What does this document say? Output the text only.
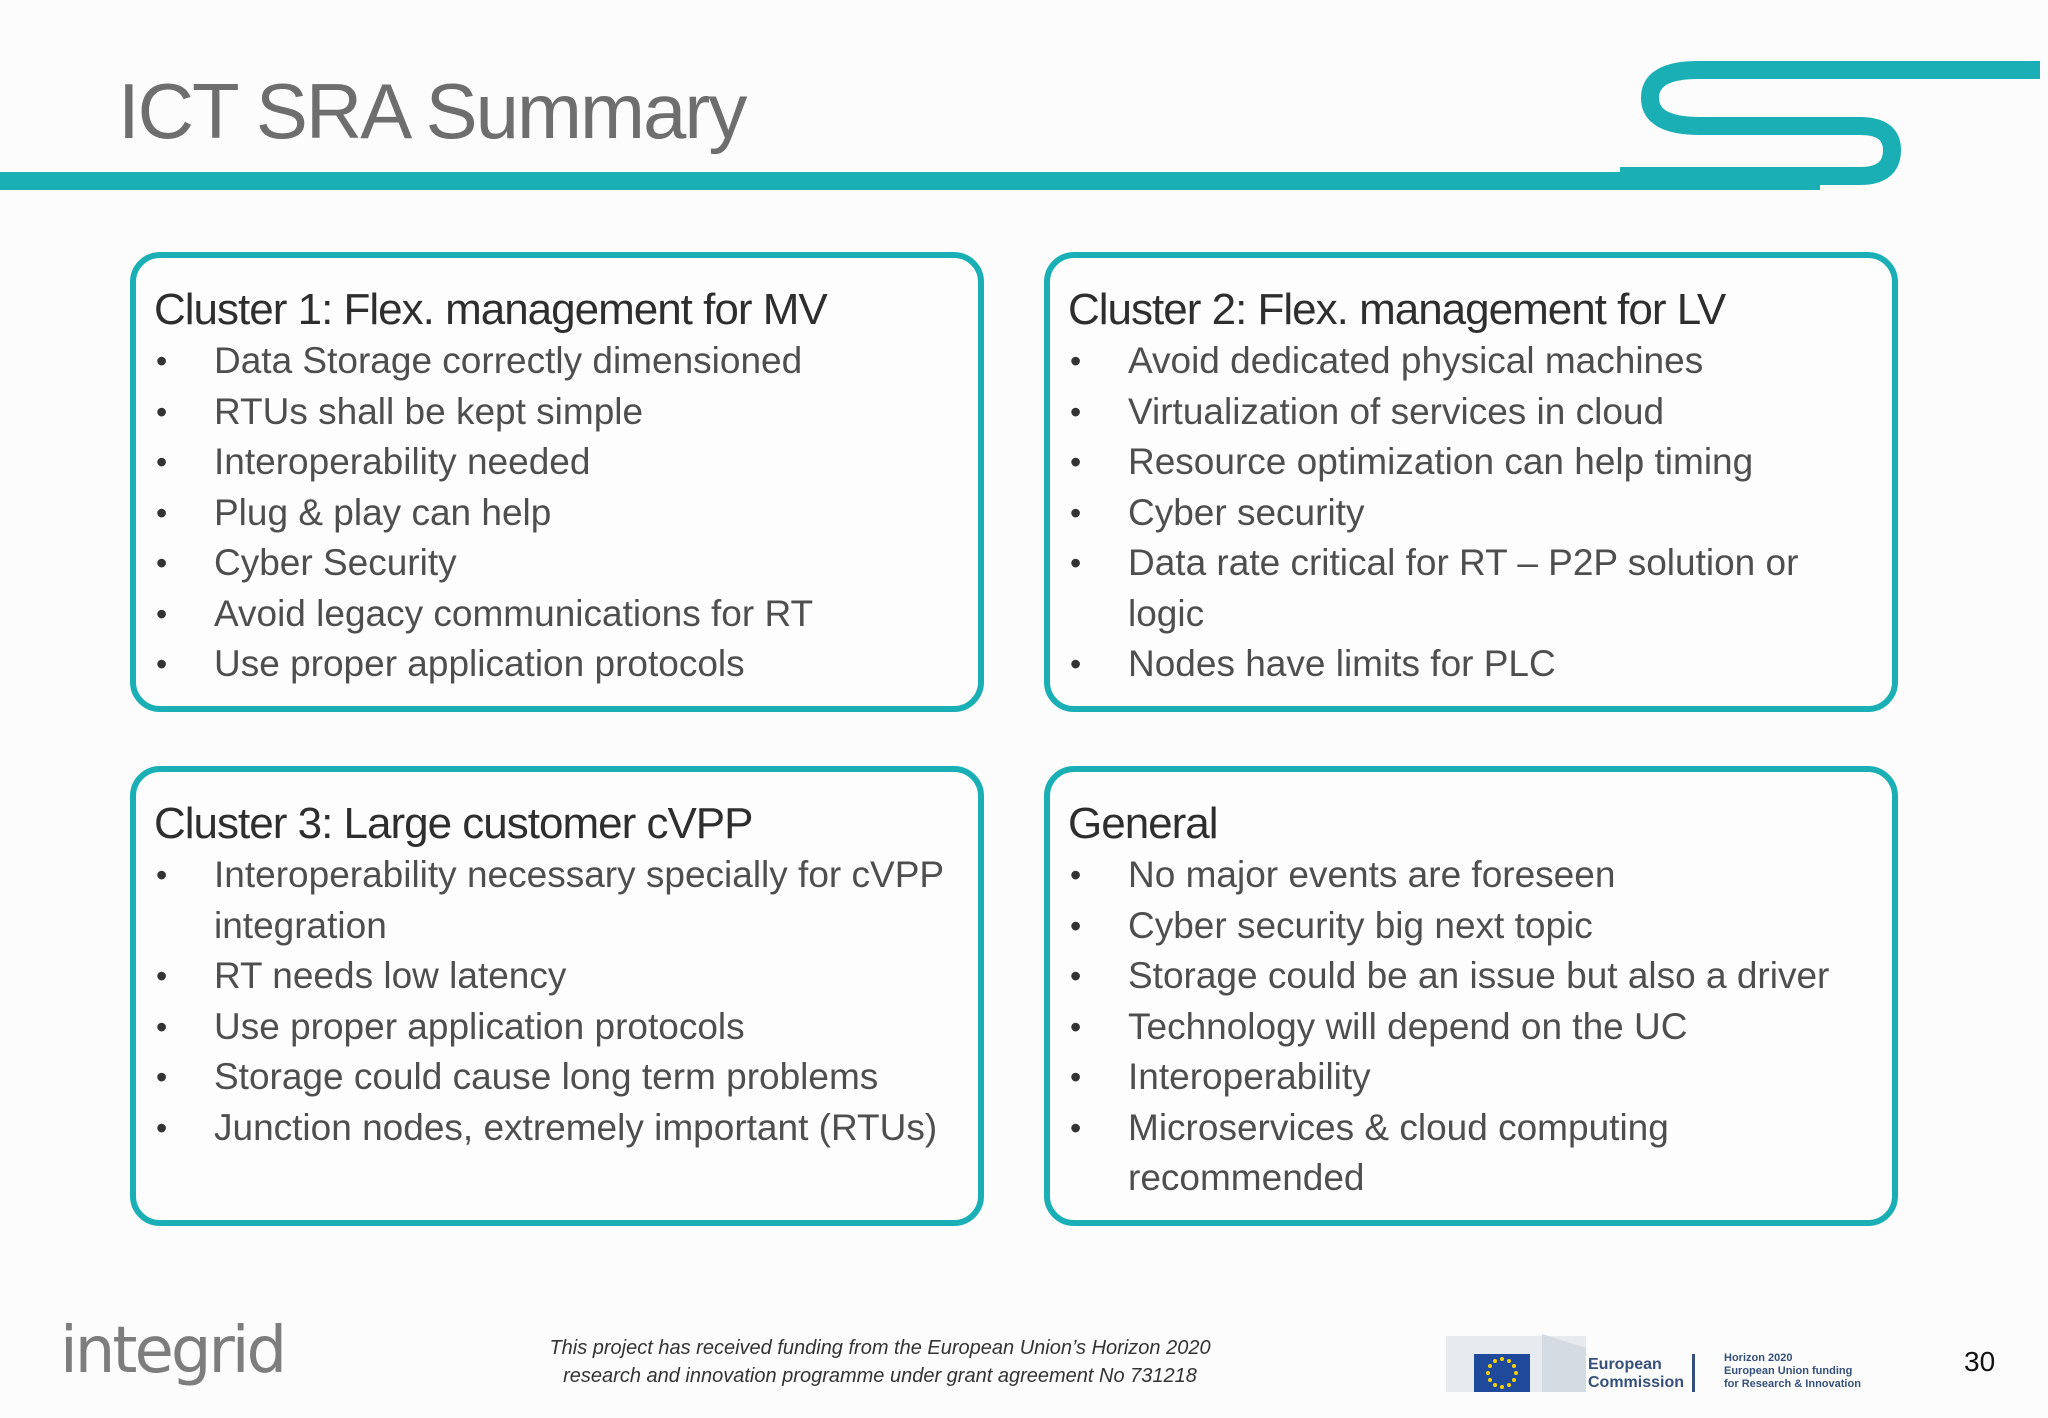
ICT SRA Summary
Cluster 1: Flex. management for MV
• Data Storage correctly dimensioned
• RTUs shall be kept simple
• Interoperability needed
• Plug & play can help
• Cyber Security
• Avoid legacy communications for RT
• Use proper application protocols
Cluster 2: Flex. management for LV
• Avoid dedicated physical machines
• Virtualization of services in cloud
• Resource optimization can help timing
• Cyber security
• Data rate critical for RT – P2P solution or logic
• Nodes have limits for PLC
Cluster 3: Large customer cVPP
• Interoperability necessary specially for cVPP integration
• RT needs low latency
• Use proper application protocols
• Storage could cause long term problems
• Junction nodes, extremely important (RTUs)
General
• No major events are foreseen
• Cyber security big next topic
• Storage could be an issue but also a driver
• Technology will depend on the UC
• Interoperability
• Microservices & cloud computing recommended
integrid	This project has received funding from the European Union’s Horizon 2020
research and innovation programme under grant agreement No 731218
European
Commission
Horizon 2020
European Union funding
for Research & Innovation
30
